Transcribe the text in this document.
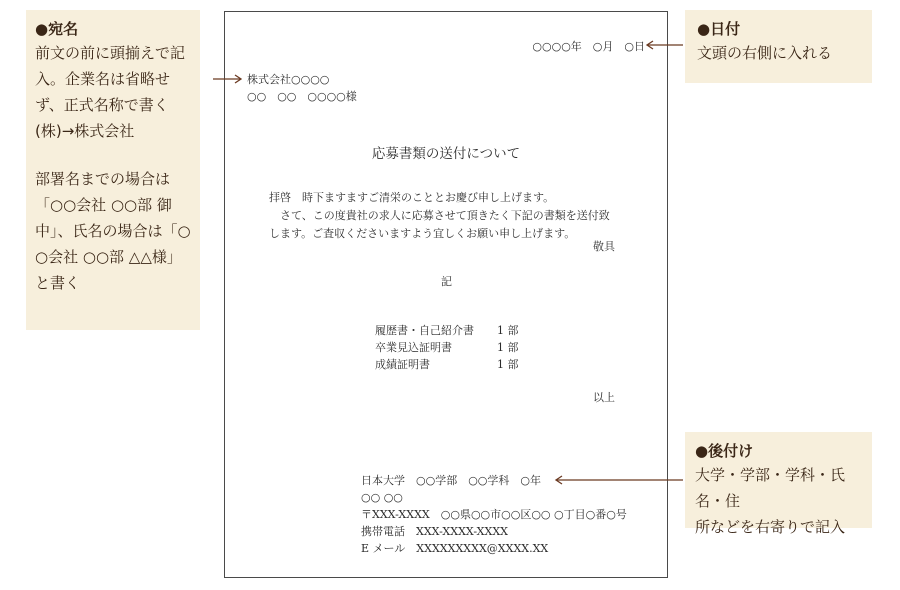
●宛名
前文の前に頭揃えで記
入。企業名は省略せ
ず、正式名称で書く
(株)→株式会社
部署名までの場合は
「○○会社 ○○部 御
中」、氏名の場合は「○
○会社 ○○部 △△様」
と書く
●日付
文頭の右側に入れる
●後付け
大学・学部・学科・氏名・住
所などを右寄りで記入
○○○○年　○月　○日
株式会社○○○○
○○　○○　○○○○様
応募書類の送付について
拝啓　時下ますますご清栄のこととお慶び申し上げます。
　さて、この度貴社の求人に応募させて頂きたく下記の書類を送付致
します。ご査収くださいますよう宜しくお願い申し上げます。
敬具
記
履歴書・自己紹介書 1 部
卒業見込証明書	1 部
成績証明書	1 部
以上
日本大学　○○学部　○○学科　○年
○○ ○○
〒XXX-XXXX　○○県○○市○○区○○ ○丁目○番○号
携帯電話　XXX-XXXX-XXXX
E メール　XXXXXXXXX@XXXX.XX
